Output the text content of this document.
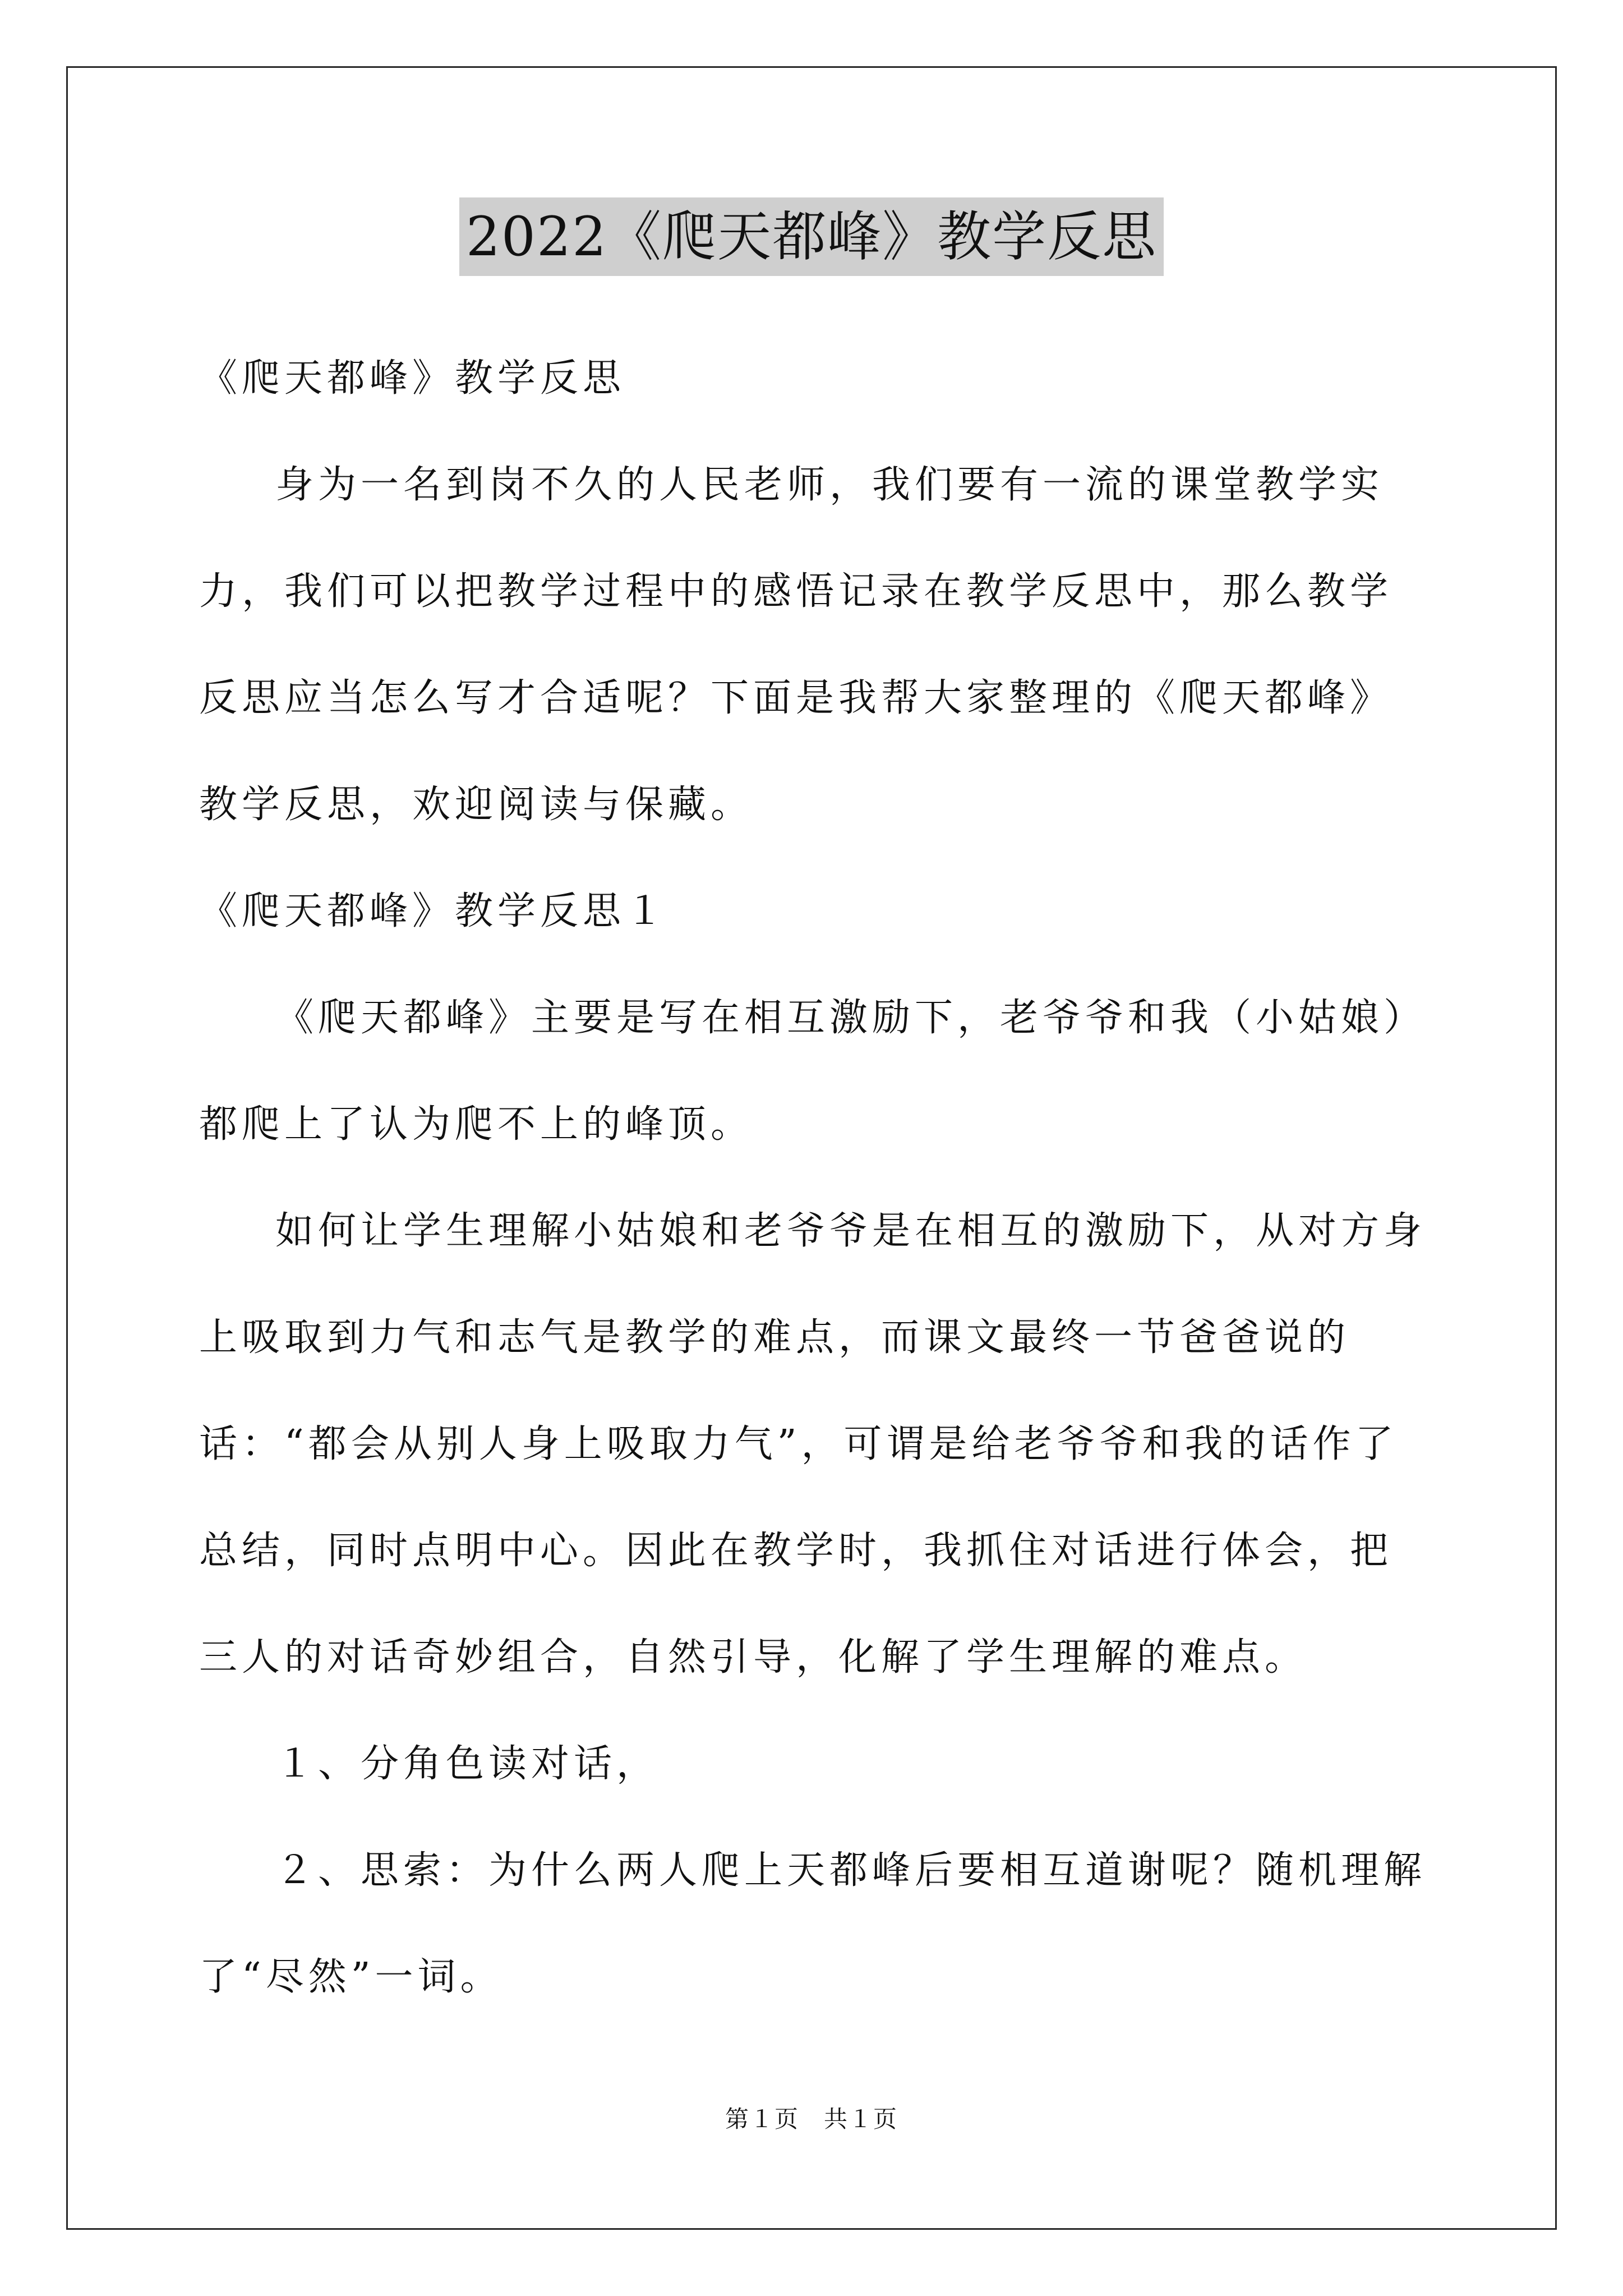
2022《爬天都峰》教学反思

《爬天都峰》教学反思

身为一名到岗不久的人民老师，我们要有一流的课堂教学实力，我们可以把教学过程中的感悟记录在教学反思中，那么教学反思应当怎么写才合适呢？下面是我帮大家整理的《爬天都峰》教学反思，欢迎阅读与保藏。

《爬天都峰》教学反思１

《爬天都峰》主要是写在相互激励下，老爷爷和我（小姑娘）都爬上了认为爬不上的峰顶。

如何让学生理解小姑娘和老爷爷是在相互的激励下，从对方身上吸取到力气和志气是教学的难点，而课文最终一节爸爸说的话：“都会从别人身上吸取力气”，可谓是给老爷爷和我的话作了总结，同时点明中心。因此在教学时，我抓住对话进行体会，把三人的对话奇妙组合，自然引导，化解了学生理解的难点。

１、分角色读对话，

２、思索：为什么两人爬上天都峰后要相互道谢呢？随机理解了“尽然”一词。

第１页　共１页
